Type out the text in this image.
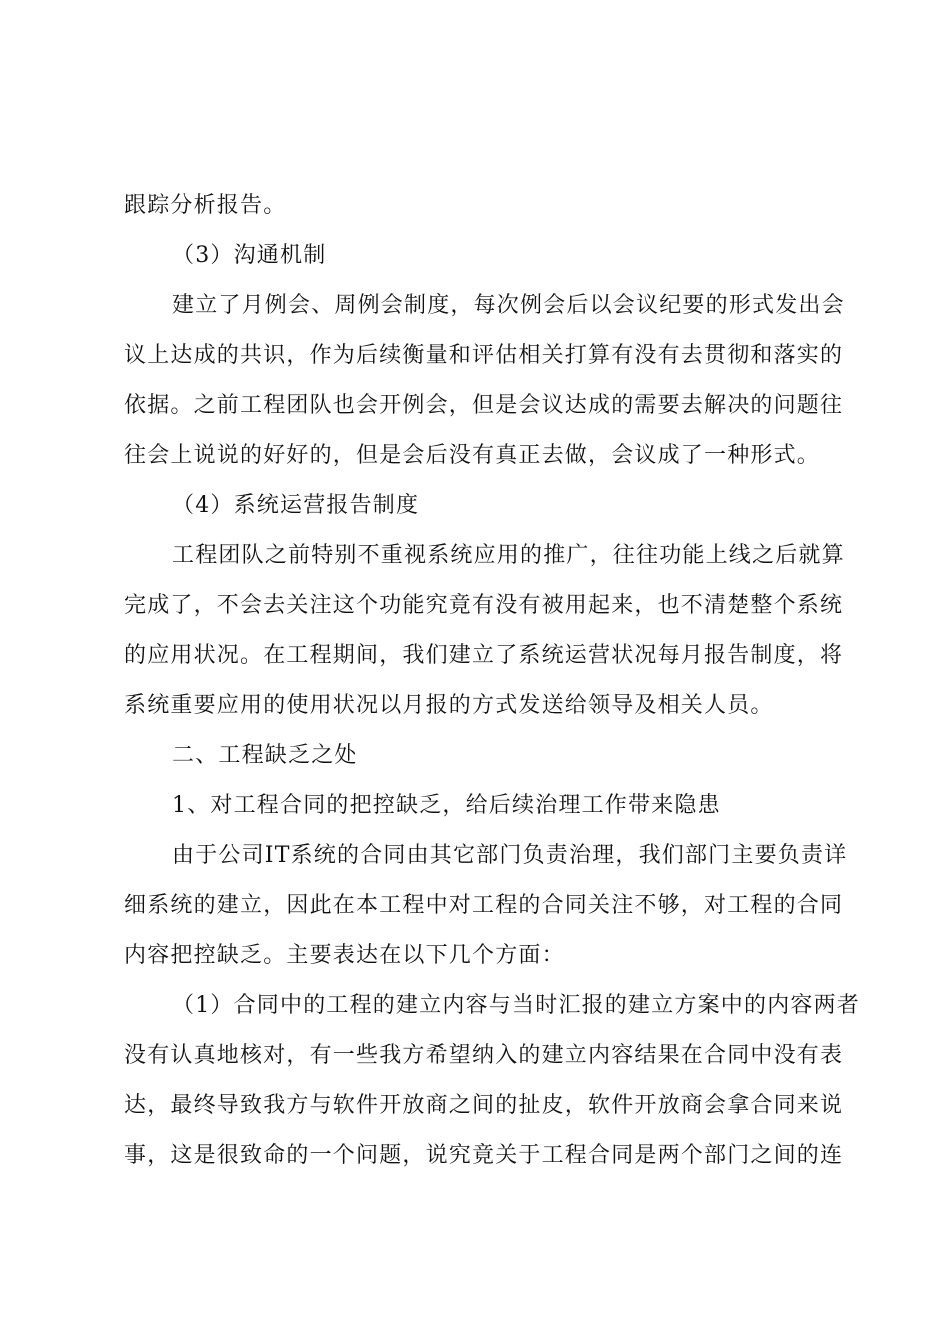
跟踪分析报告。
（3）沟通机制
建立了月例会、周例会制度，每次例会后以会议纪要的形式发出会
议上达成的共识，作为后续衡量和评估相关打算有没有去贯彻和落实的
依据。之前工程团队也会开例会，但是会议达成的需要去解决的问题往
往会上说说的好好的，但是会后没有真正去做，会议成了一种形式。
（4）系统运营报告制度
工程团队之前特别不重视系统应用的推广，往往功能上线之后就算
完成了，不会去关注这个功能究竟有没有被用起来，也不清楚整个系统
的应用状况。在工程期间，我们建立了系统运营状况每月报告制度，将
系统重要应用的使用状况以月报的方式发送给领导及相关人员。
二、工程缺乏之处
1、对工程合同的把控缺乏，给后续治理工作带来隐患
由于公司IT系统的合同由其它部门负责治理，我们部门主要负责详
细系统的建立，因此在本工程中对工程的合同关注不够，对工程的合同
内容把控缺乏。主要表达在以下几个方面：
（1）合同中的工程的建立内容与当时汇报的建立方案中的内容两者
没有认真地核对，有一些我方希望纳入的建立内容结果在合同中没有表
达，最终导致我方与软件开放商之间的扯皮，软件开放商会拿合同来说
事，这是很致命的一个问题，说究竟关于工程合同是两个部门之间的连
